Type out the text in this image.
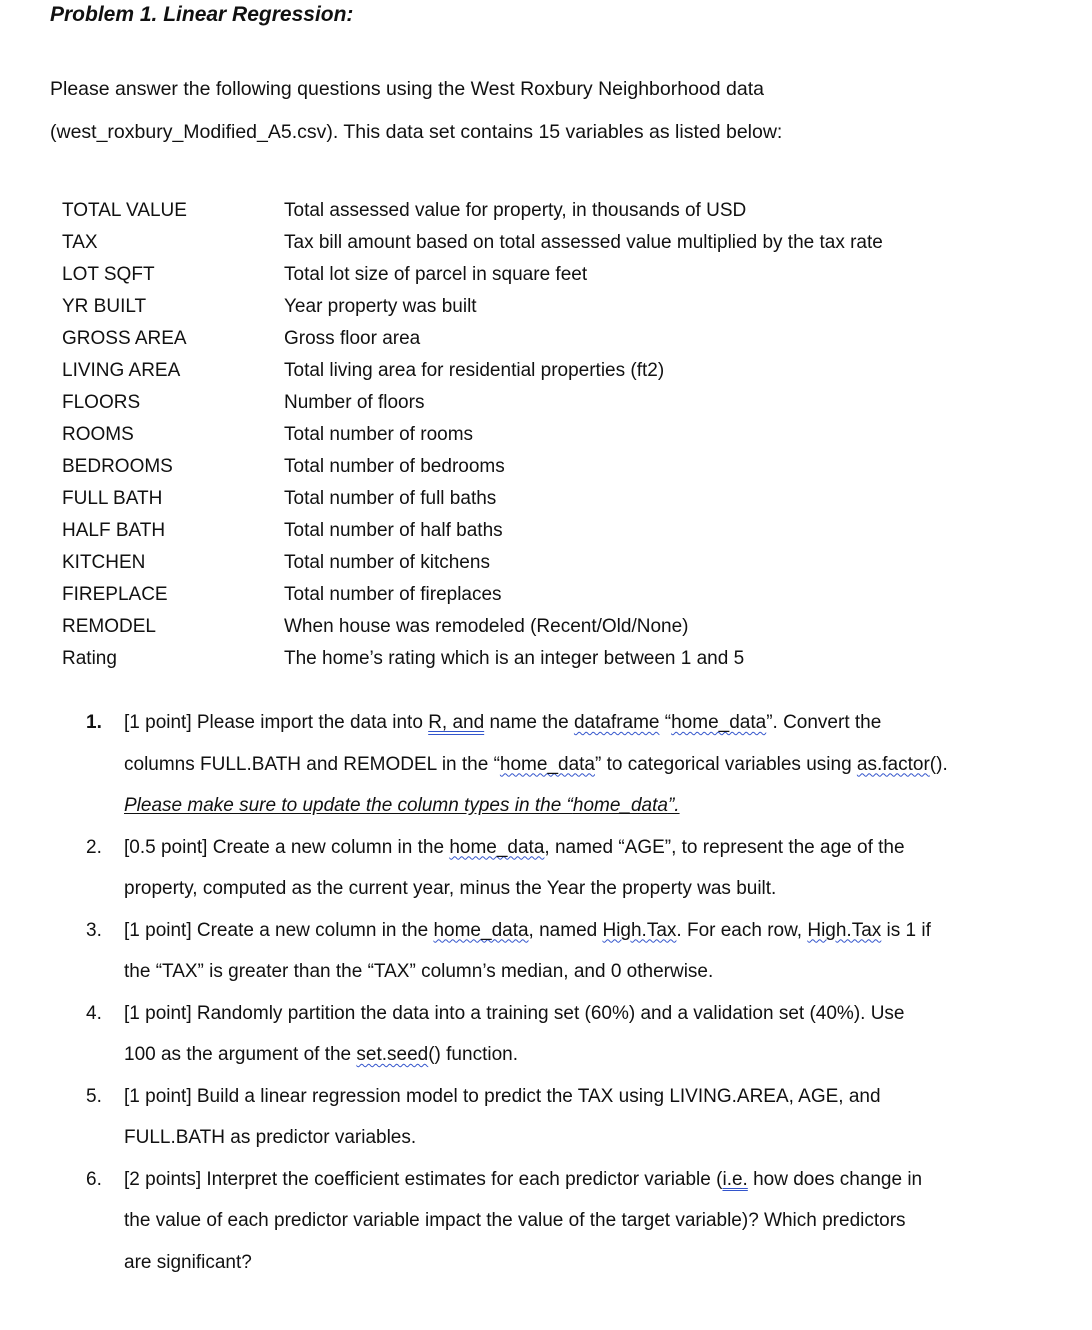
Problem 1. Linear Regression:
Please answer the following questions using the West Roxbury Neighborhood data
(west_roxbury_Modified_A5.csv). This data set contains 15 variables as listed below:
TOTAL VALUE	Total assessed value for property, in thousands of USD
TAX	Tax bill amount based on total assessed value multiplied by the tax rate
LOT SQFT	Total lot size of parcel in square feet
YR BUILT	Year property was built
GROSS AREA	Gross floor area
LIVING AREA	Total living area for residential properties (ft2)
FLOORS	Number of floors
ROOMS	Total number of rooms
BEDROOMS	Total number of bedrooms
FULL BATH	Total number of full baths
HALF BATH	Total number of half baths
KITCHEN	Total number of kitchens
FIREPLACE	Total number of fireplaces
REMODEL	When house was remodeled (Recent/Old/None)
Rating	The home’s rating which is an integer between 1 and 5
1. [1 point] Please import the data into R, and name the dataframe “home_data”. Convert the
columns FULL.BATH and REMODEL in the “home_data” to categorical variables using as.factor().
Please make sure to update the column types in the “home_data”.
2. [0.5 point] Create a new column in the home_data, named “AGE”, to represent the age of the
property, computed as the current year, minus the Year the property was built.
3. [1 point] Create a new column in the home_data, named High.Tax. For each row, High.Tax is 1 if
the “TAX” is greater than the “TAX” column’s median, and 0 otherwise.
4. [1 point] Randomly partition the data into a training set (60%) and a validation set (40%). Use
100 as the argument of the set.seed() function.
5. [1 point] Build a linear regression model to predict the TAX using LIVING.AREA, AGE, and
FULL.BATH as predictor variables.
6. [2 points] Interpret the coefficient estimates for each predictor variable (i.e. how does change in
the value of each predictor variable impact the value of the target variable)? Which predictors
are significant?
